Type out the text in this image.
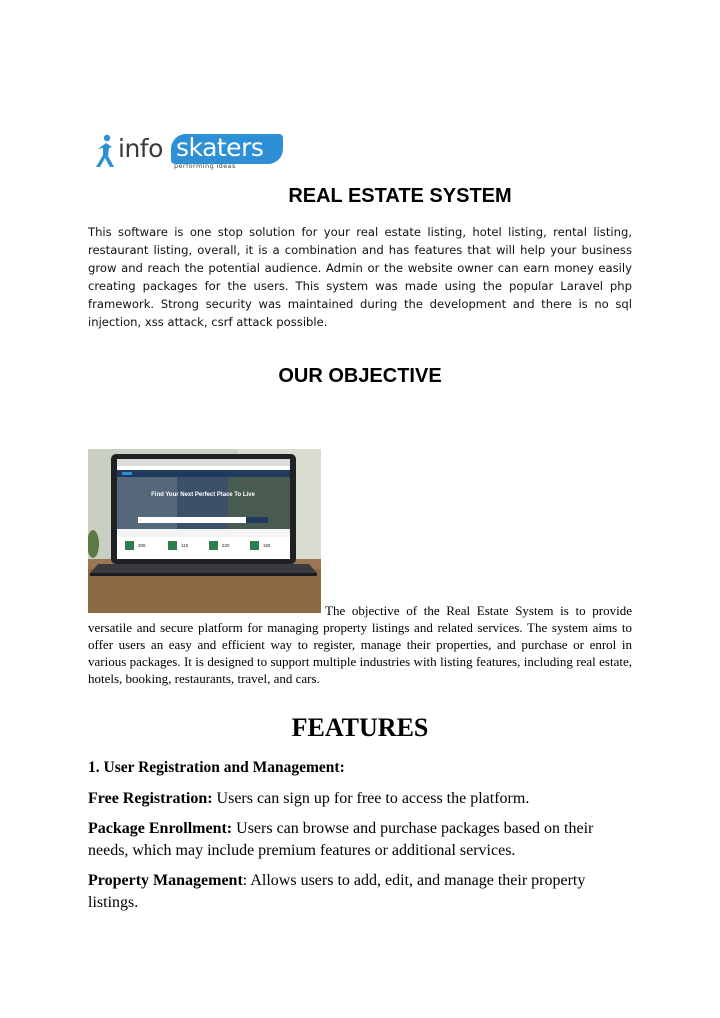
info skaters
performing ideas
REAL ESTATE SYSTEM

This software is one stop solution for your real estate listing, hotel listing, rental listing, restaurant listing, overall, it is a combination and has features that will help your business grow and reach the potential audience. Admin or the website owner can earn money easily creating packages for the users. This system was made using the popular Laravel php framework. Strong security was maintained during the development and there is no sql injection, xss attack, csrf attack possible.

OUR OBJECTIVE
Find Your Next Perfect Place To Live
306	115	220	155

The objective of the Real Estate System is to provide versatile and secure platform for managing property listings and related services. The system aims to offer users an easy and efficient way to register, manage their properties, and purchase or enrol in various packages. It is designed to support multiple industries with listing features, including real estate, hotels, booking, restaurants, travel, and cars.

FEATURES

1. User Registration and Management:

Free Registration: Users can sign up for free to access the platform.

Package Enrollment: Users can browse and purchase packages based on their needs, which may include premium features or additional services.

Property Management: Allows users to add, edit, and manage their property listings.
